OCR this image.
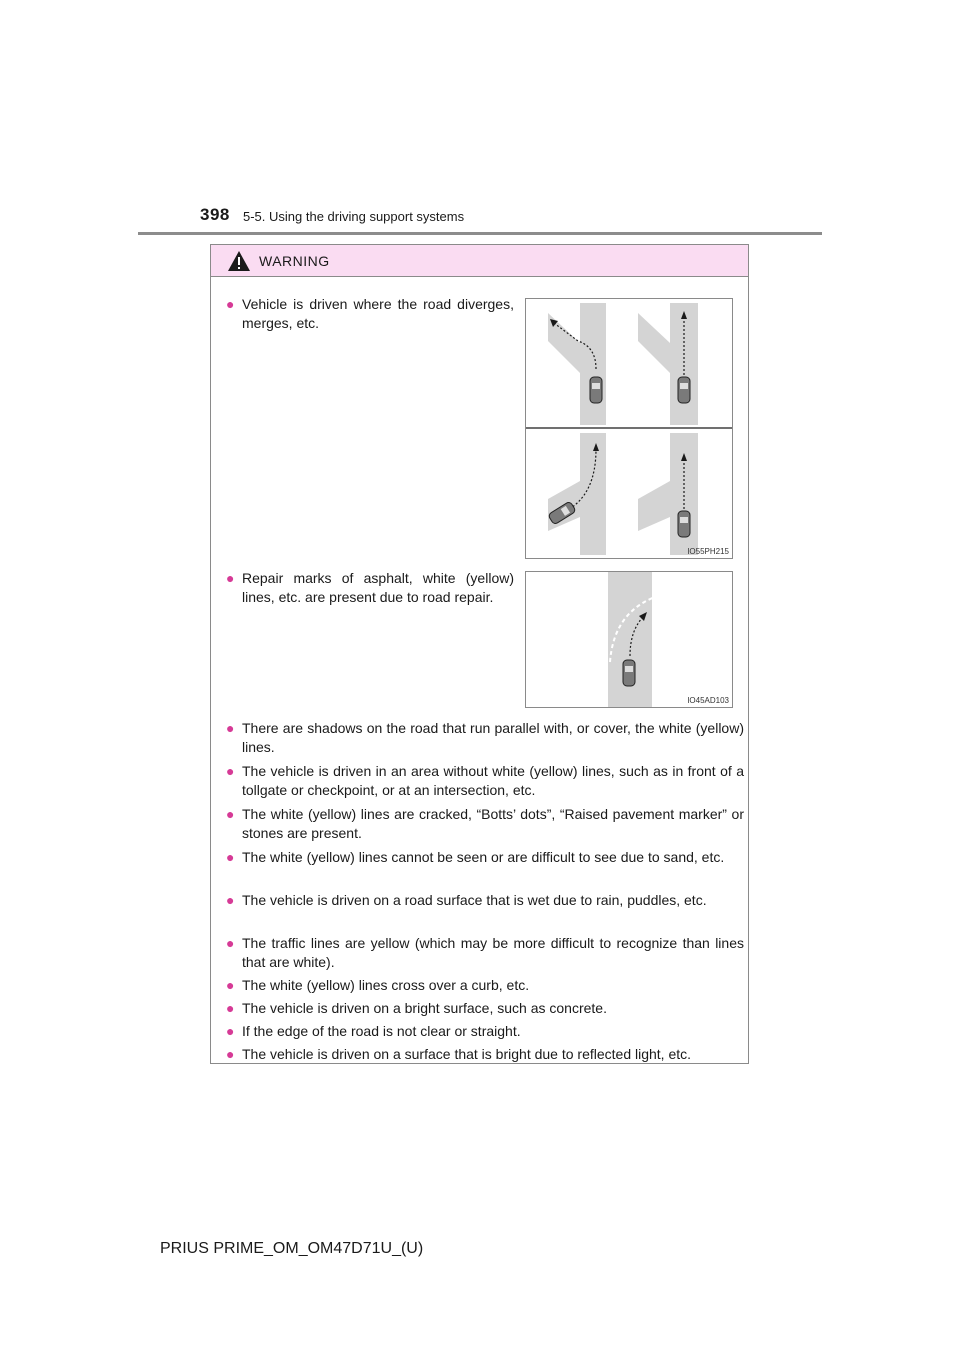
398 5-5. Using the driving support systems
WARNING
● Vehicle is driven where the road diverges, merges, etc.
IO55PH215
● Repair marks of asphalt, white (yellow) lines, etc. are present due to road repair.
IO45AD103
● There are shadows on the road that run parallel with, or cover, the white (yellow) lines.
● The vehicle is driven in an area without white (yellow) lines, such as in front of a tollgate or checkpoint, or at an intersection, etc.
● The white (yellow) lines are cracked, “Botts’ dots”, “Raised pavement marker” or stones are present.
● The white (yellow) lines cannot be seen or are difficult to see due to sand, etc.
● The vehicle is driven on a road surface that is wet due to rain, puddles, etc.
● The traffic lines are yellow (which may be more difficult to recognize than lines that are white).
● The white (yellow) lines cross over a curb, etc.
● The vehicle is driven on a bright surface, such as concrete.
● If the edge of the road is not clear or straight.
● The vehicle is driven on a surface that is bright due to reflected light, etc.
PRIUS PRIME_OM_OM47D71U_(U)
